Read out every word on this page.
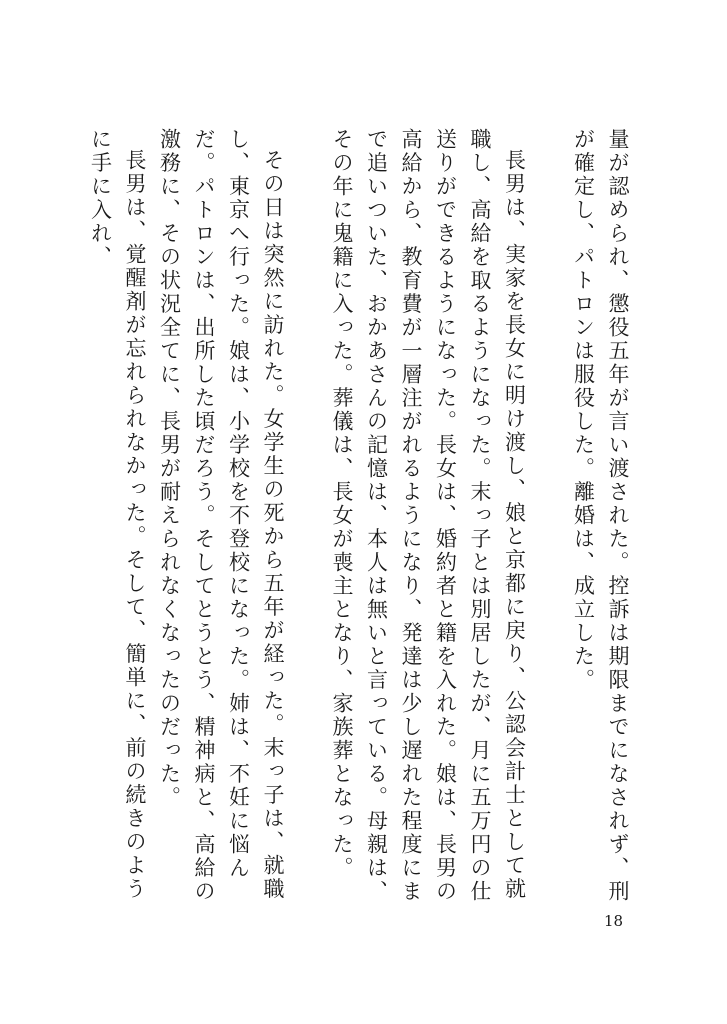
量が認められ、懲役五年が言い渡された。控訴は期限までになされず、刑が確定し、パトロンは服役した。離婚は、成立した。

長男は、実家を長女に明け渡し、娘と京都に戻り、公認会計士として就職し、高給を取るようになった。末っ子とは別居したが、月に五万円の仕送りができるようになった。長女は、婚約者と籍を入れた。娘は、長男の高給から、教育費が一層注がれるようになり、発達は少し遅れた程度にまで追いついた、おかあさんの記憶は、本人は無いと言っている。母親は、その年に鬼籍に入った。葬儀は、長女が喪主となり、家族葬となった。

その日は突然に訪れた。女学生の死から五年が経った。末っ子は、就職し、東京へ行った。娘は、小学校を不登校になった。姉は、不妊に悩んだ。パトロンは、出所した頃だろう。そしてとうとう、精神病と、高給の激務に、その状況全てに、長男が耐えられなくなったのだった。

長男は、覚醒剤が忘れられなかった。そして、簡単に、前の続きのように手に入れ、

18
